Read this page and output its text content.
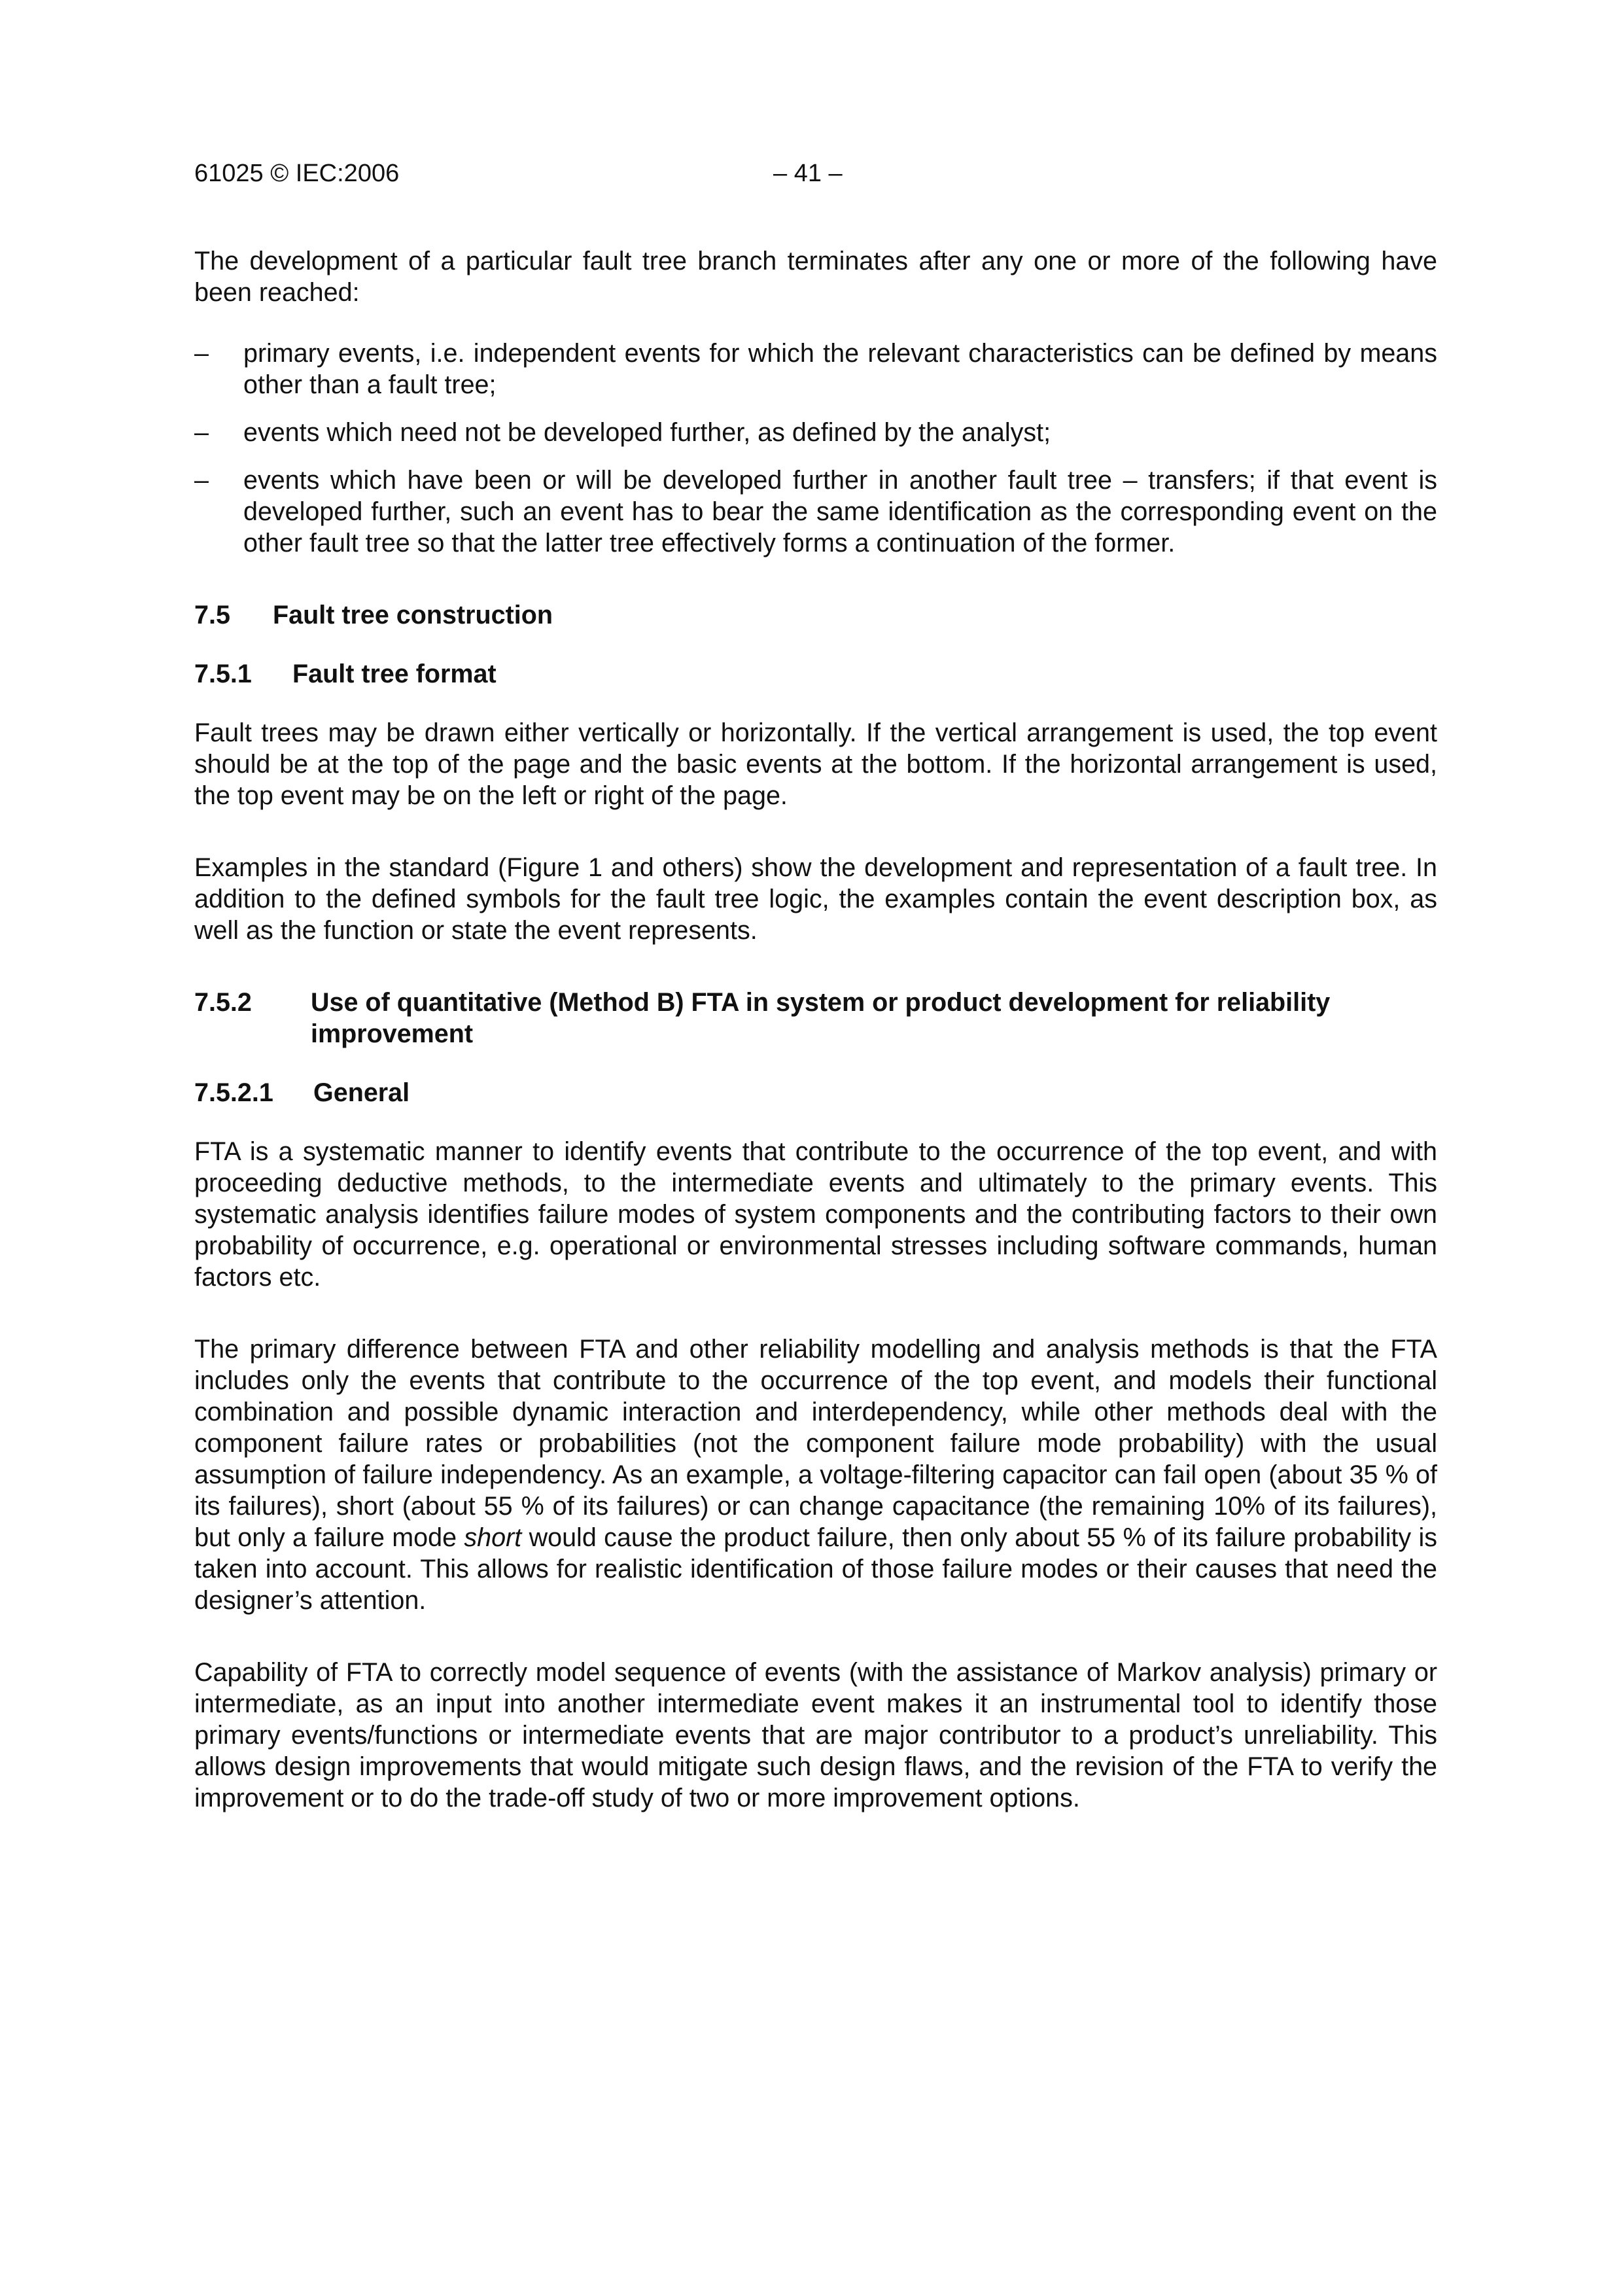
61025 © IEC:2006	– 41 –

The development of a particular fault tree branch terminates after any one or more of the following have been reached:

– primary events, i.e. independent events for which the relevant characteristics can be defined by means other than a fault tree;

– events which need not be developed further, as defined by the analyst;

– events which have been or will be developed further in another fault tree – transfers; if that event is developed further, such an event has to bear the same identification as the corresponding event on the other fault tree so that the latter tree effectively forms a continuation of the former.

7.5 Fault tree construction
7.5.1 Fault tree format

Fault trees may be drawn either vertically or horizontally. If the vertical arrangement is used, the top event should be at the top of the page and the basic events at the bottom. If the horizontal arrangement is used, the top event may be on the left or right of the page.

Examples in the standard (Figure 1 and others) show the development and representation of a fault tree. In addition to the defined symbols for the fault tree logic, the examples contain the event description box, as well as the function or state the event represents.

7.5.2 Use of quantitative (Method B) FTA in system or product development for reliability improvement
7.5.2.1 General

FTA is a systematic manner to identify events that contribute to the occurrence of the top event, and with proceeding deductive methods, to the intermediate events and ultimately to the primary events. This systematic analysis identifies failure modes of system components and the contributing factors to their own probability of occurrence, e.g. operational or environmental stresses including software commands, human factors etc.

The primary difference between FTA and other reliability modelling and analysis methods is that the FTA includes only the events that contribute to the occurrence of the top event, and models their functional combination and possible dynamic interaction and interdependency, while other methods deal with the component failure rates or probabilities (not the component failure mode probability) with the usual assumption of failure independency. As an example, a voltage-filtering capacitor can fail open (about 35 % of its failures), short (about 55 % of its failures) or can change capacitance (the remaining 10% of its failures), but only a failure mode short would cause the product failure, then only about 55 % of its failure probability is taken into account. This allows for realistic identification of those failure modes or their causes that need the designer’s attention.

Capability of FTA to correctly model sequence of events (with the assistance of Markov analysis) primary or intermediate, as an input into another intermediate event makes it an instrumental tool to identify those primary events/functions or intermediate events that are major contributor to a product’s unreliability. This allows design improvements that would mitigate such design flaws, and the revision of the FTA to verify the improvement or to do the trade-off study of two or more improvement options.
